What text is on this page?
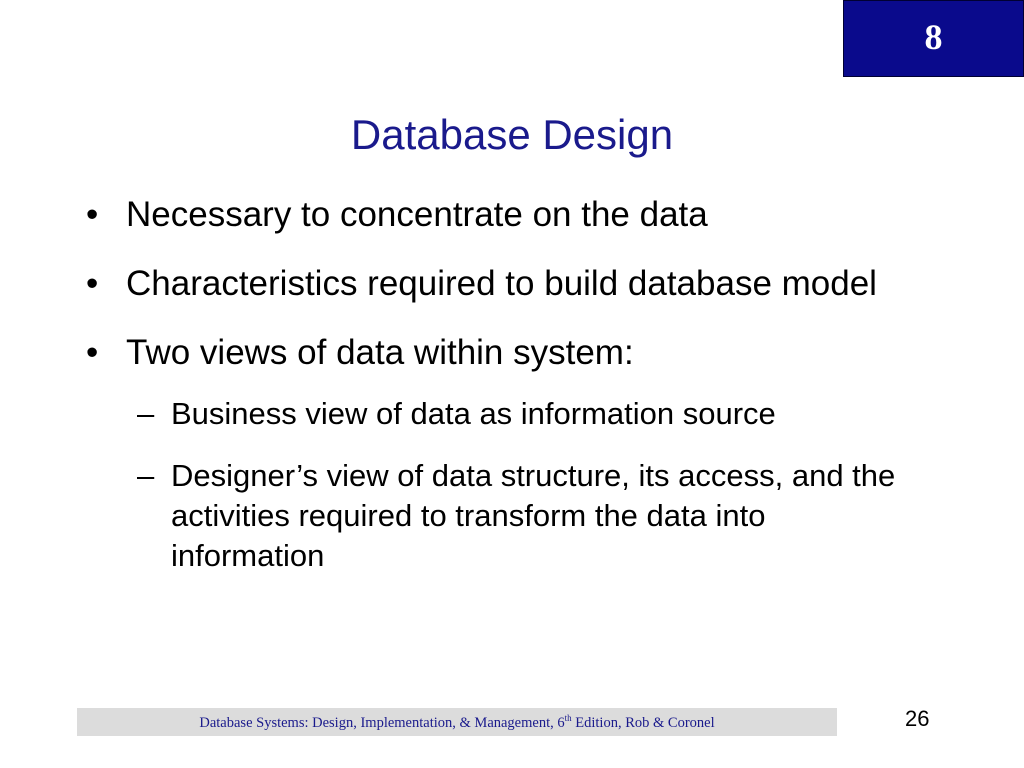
8
Database Design
• Necessary to concentrate on the data
• Characteristics required to build database model
• Two views of data within system:
– Business view of data as information source
– Designer’s view of data structure, its access, and the activities required to transform the data into information
Database Systems: Design, Implementation, & Management, 6th Edition, Rob & Coronel	26
